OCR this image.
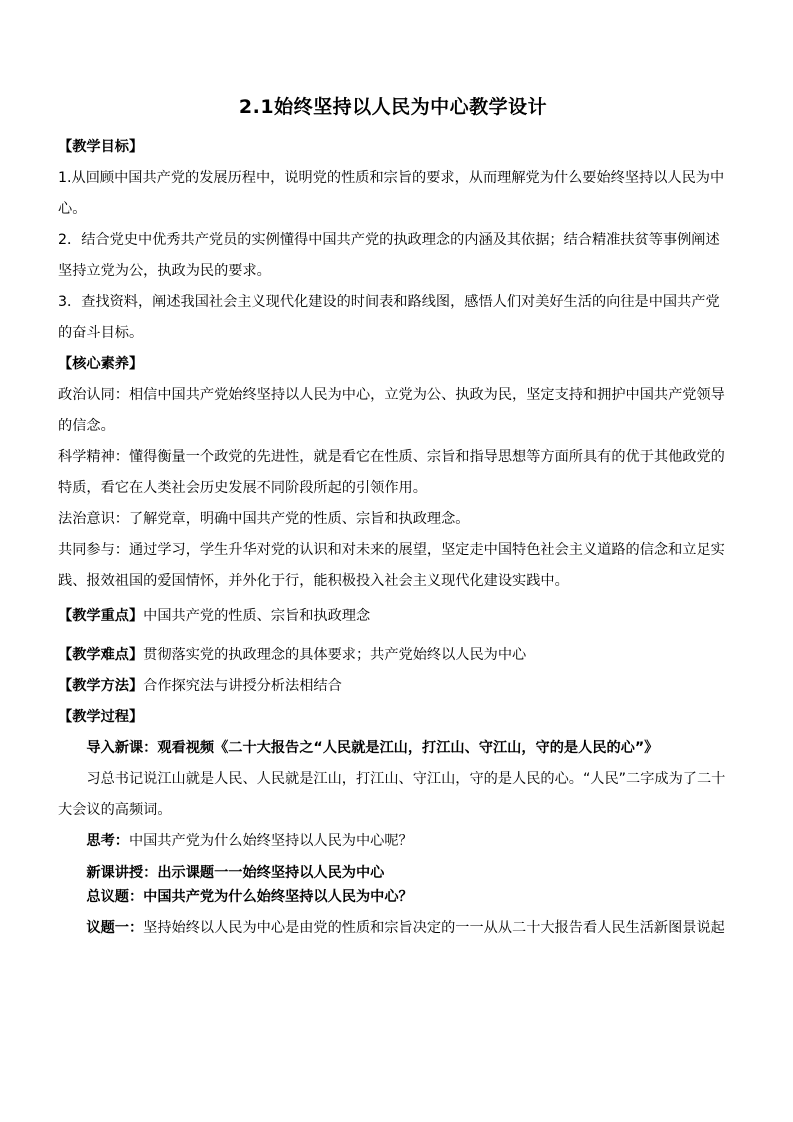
2.1始终坚持以人民为中心教学设计

【教学目标】

1.从回顾中国共产党的发展历程中，说明党的性质和宗旨的要求，从而理解党为什么要始终坚持以人民为中心。

2．结合党史中优秀共产党员的实例懂得中国共产党的执政理念的内涵及其依据；结合精准扶贫等事例阐述坚持立党为公，执政为民的要求。

3．查找资料，阐述我国社会主义现代化建设的时间表和路线图，感悟人们对美好生活的向往是中国共产党的奋斗目标。

【核心素养】

政治认同：相信中国共产党始终坚持以人民为中心，立党为公、执政为民，坚定支持和拥护中国共产党领导的信念。

科学精神：懂得衡量一个政党的先进性，就是看它在性质、宗旨和指导思想等方面所具有的优于其他政党的特质，看它在人类社会历史发展不同阶段所起的引领作用。

法治意识：了解党章，明确中国共产党的性质、宗旨和执政理念。

共同参与：通过学习，学生升华对党的认识和对未来的展望，坚定走中国特色社会主义道路的信念和立足实践、报效祖国的爱国情怀，并外化于行，能积极投入社会主义现代化建设实践中。

【教学重点】中国共产党的性质、宗旨和执政理念

【教学难点】贯彻落实党的执政理念的具体要求；共产党始终以人民为中心

【教学方法】合作探究法与讲授分析法相结合

【教学过程】

导入新课：观看视频《二十大报告之“人民就是江山，打江山、守江山，守的是人民的心”》

习总书记说江山就是人民、人民就是江山，打江山、守江山，守的是人民的心。“人民”二字成为了二十大会议的高频词。

思考：中国共产党为什么始终坚持以人民为中心呢？

新课讲授：出示课题一一始终坚持以人民为中心

总议题：中国共产党为什么始终坚持以人民为中心？

议题一：坚持始终以人民为中心是由党的性质和宗旨决定的一一从从二十大报告看人民生活新图景说起
